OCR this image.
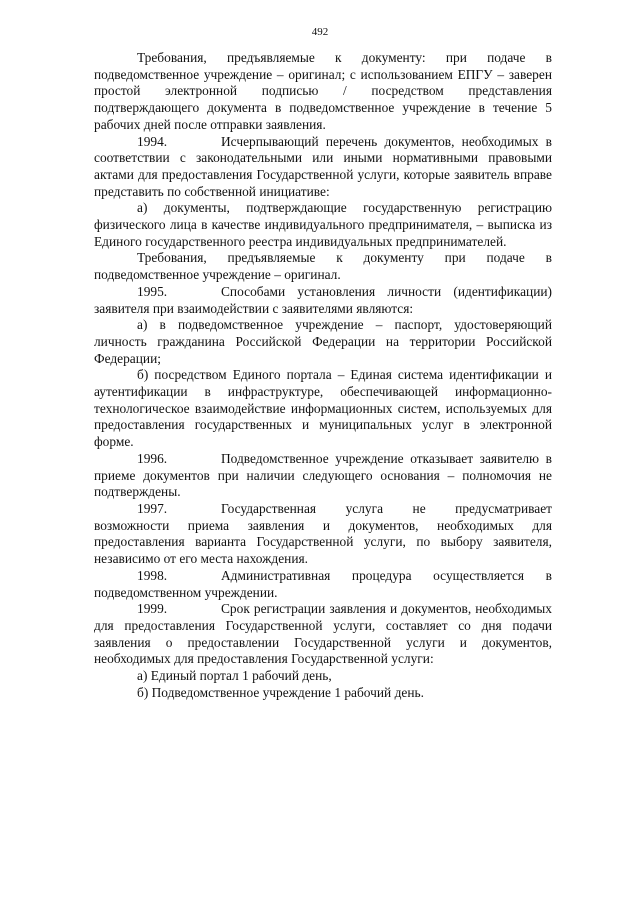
492

Требования, предъявляемые к документу: при подаче в подведомственное учреждение – оригинал; с использованием ЕПГУ – заверен простой электронной подписью / посредством представления подтверждающего документа в подведомственное учреждение в течение 5 рабочих дней после отправки заявления.

1994.	Исчерпывающий перечень документов, необходимых в соответствии с законодательными или иными нормативными правовыми актами для предоставления Государственной услуги, которые заявитель вправе представить по собственной инициативе:

а) документы, подтверждающие государственную регистрацию физического лица в качестве индивидуального предпринимателя, – выписка из Единого государственного реестра индивидуальных предпринимателей.

Требования, предъявляемые к документу при подаче в подведомственное учреждение – оригинал.

1995.	Способами установления личности (идентификации) заявителя при взаимодействии с заявителями являются:

а) в подведомственное учреждение – паспорт, удостоверяющий личность гражданина Российской Федерации на территории Российской Федерации;

б) посредством Единого портала – Единая система идентификации и аутентификации в инфраструктуре, обеспечивающей информационно-технологическое взаимодействие информационных систем, используемых для предоставления государственных и муниципальных услуг в электронной форме.

1996.	Подведомственное учреждение отказывает заявителю в приеме документов при наличии следующего основания – полномочия не подтверждены.

1997.	Государственная услуга не предусматривает возможности приема заявления и документов, необходимых для предоставления варианта Государственной услуги, по выбору заявителя, независимо от его места нахождения.

1998.	Административная процедура осуществляется в подведомственном учреждении.

1999.	Срок регистрации заявления и документов, необходимых для предоставления Государственной услуги, составляет со дня подачи заявления о предоставлении Государственной услуги и документов, необходимых для предоставления Государственной услуги:

а) Единый портал 1 рабочий день,

б) Подведомственное учреждение 1 рабочий день.
